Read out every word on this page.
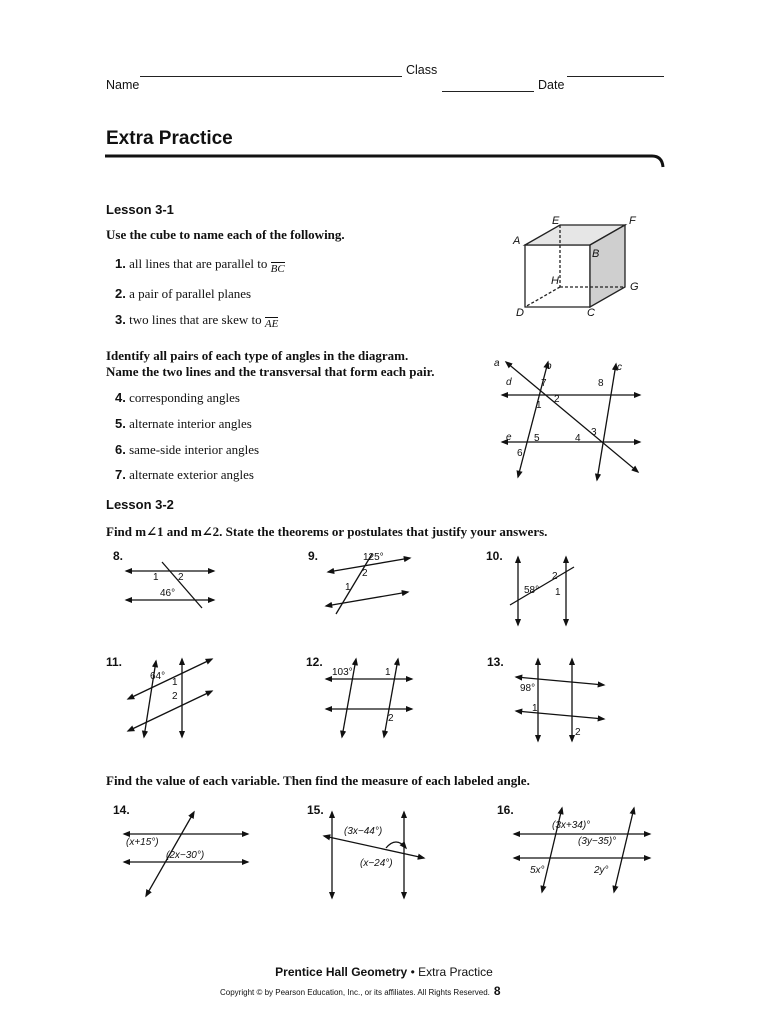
Class
Name	Date
Extra Practice
Lesson 3-1
Use the cube to name each of the following.
1. all lines that are parallel to BC
2. a pair of parallel planes
3. two lines that are skew to AE
E	F
A
B
H	G
D	C
Identify all pairs of each type of angles in the diagram.
Name the two lines and the transversal that form each pair.
4. corresponding angles
5. alternate interior angles
6. same-side interior angles
7. alternate exterior angles
a	b	c
d
e
7	8
1
2
3
4
5
6
Lesson 3-2
Find m∠1 and m∠2. State the theorems or postulates that justify your answers.
8.
1 2
46°
9.	125°
2
1
10.
2
58° 1
11.
64°
1
2
12.
103°	1
2
13.
98°
1
2
Find the value of each variable. Then find the measure of each labeled angle.
14.
(x+15°)
(2x−30°)
15.
(3x−44°)
(x−24°)
16.
(3x+34)°
(3y−35)°
5x°	2y°
Prentice Hall Geometry • Extra Practice
Copyright © by Pearson Education, Inc., or its affiliates. All Rights Reserved. 8
